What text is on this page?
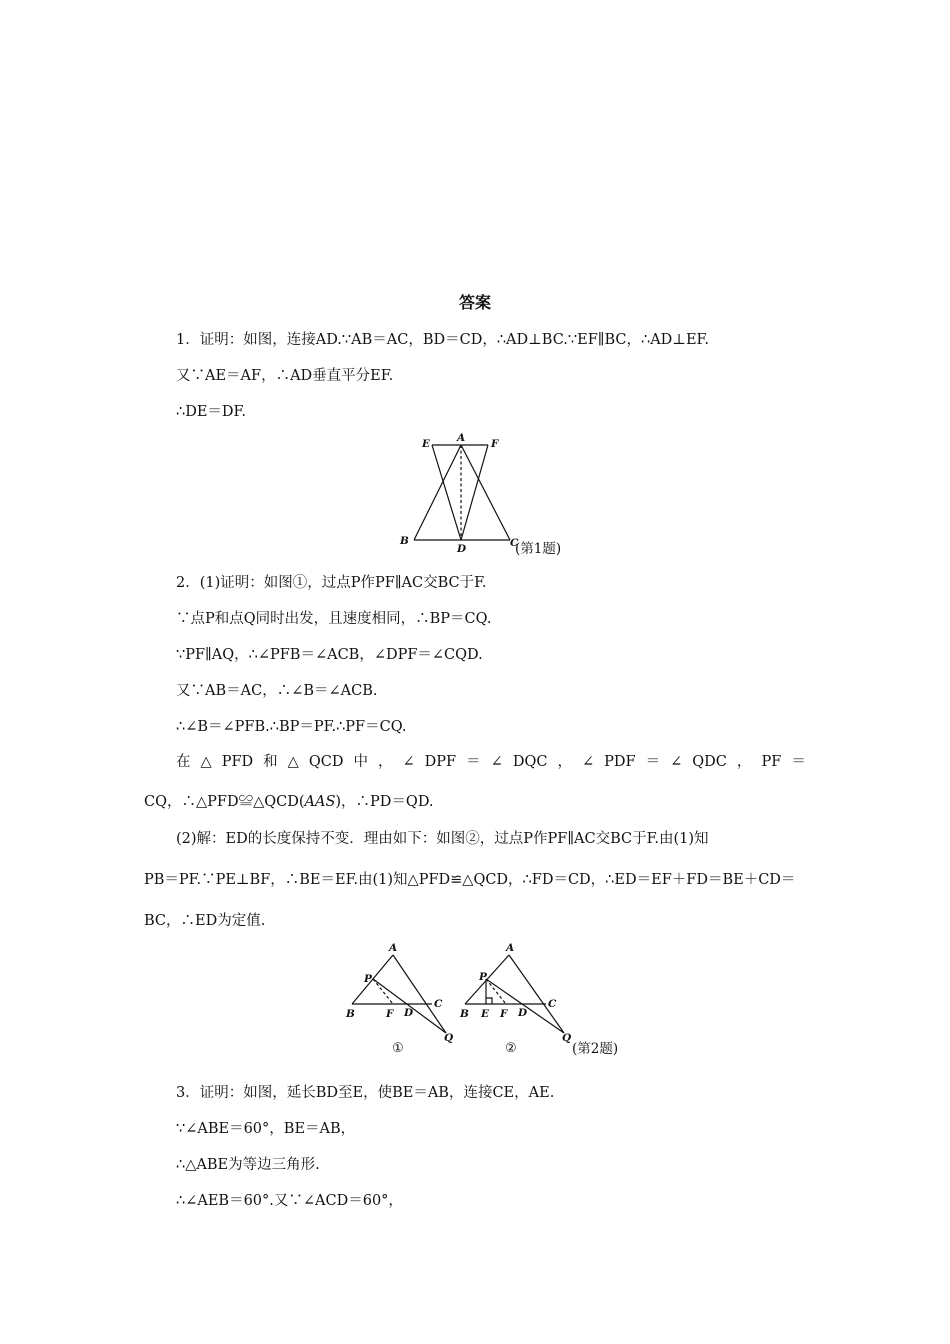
答案
1．证明：如图，连接AD.∵AB＝AC，BD＝CD，∴AD⊥BC.∵EF∥BC，∴AD⊥EF.
又∵AE＝AF，∴AD垂直平分EF.
∴DE＝DF.
E	A F
B
D	C
(第1题)
2．(1)证明：如图①，过点P作PF∥AC交BC于F.
∵点P和点Q同时出发，且速度相同，∴BP＝CQ.
∵PF∥AQ，∴∠PFB＝∠ACB，∠DPF＝∠CQD.
又∵AB＝AC，∴∠B＝∠ACB.
∴∠B＝∠PFB.∴BP＝PF.∴PF＝CQ.
在 △ PFD 和 △ QCD 中 ， ∠ DPF ＝ ∠ DQC ， ∠ PDF ＝ ∠ QDC ， PF ＝
CQ，∴△PFD≌△QCD(AAS)，∴PD＝QD.
(2)解：ED的长度保持不变．理由如下：如图②，过点P作PF∥AC交BC于F.由(1)知
PB＝PF.∵PE⊥BF，∴BE＝EF.由(1)知△PFD≌△QCD，∴FD＝CD，∴ED＝EF＋FD＝BE＋CD＝
BC，∴ED为定值.
A
P
C
B	F D
Q
①
A
P
C
B E F D
Q
②	(第2题)
3．证明：如图，延长BD至E，使BE＝AB，连接CE，AE.
∵∠ABE＝60°，BE＝AB，
∴△ABE为等边三角形.
∴∠AEB＝60°.又∵∠ACD＝60°，
